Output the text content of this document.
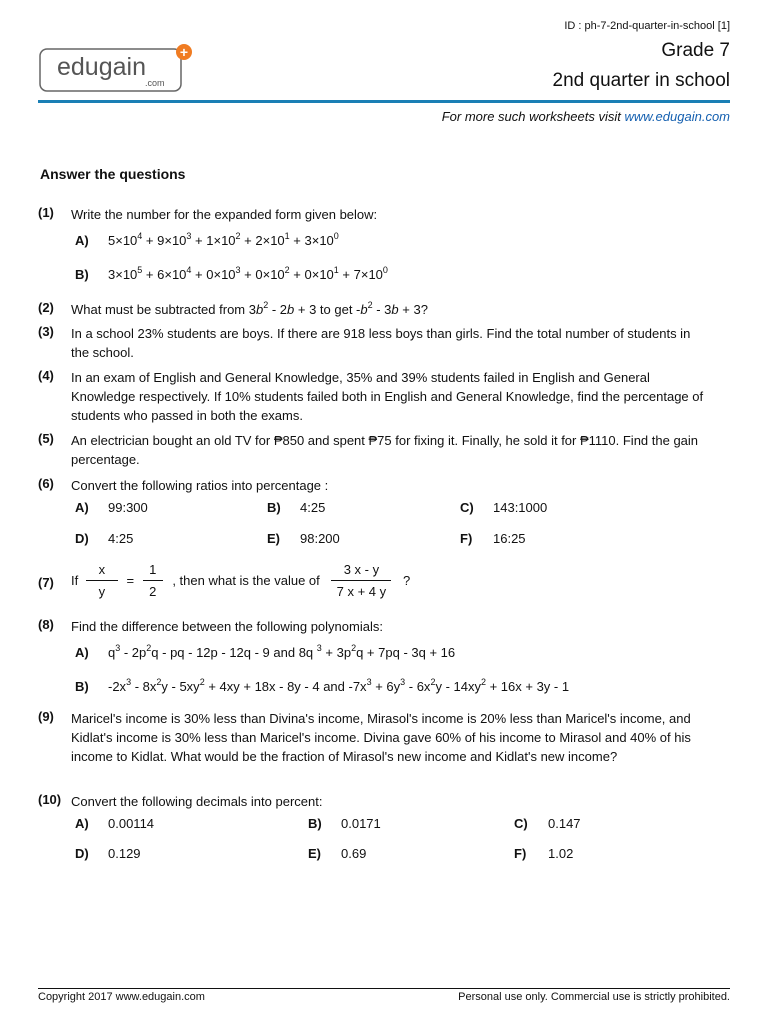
ID : ph-7-2nd-quarter-in-school [1]
edugain
.com
+	Grade 7
2nd quarter in school
For more such worksheets visit www.edugain.com
Answer the questions
(1)	Write the number for the expanded form given below:
A) $5\times 10^4 + 9\times 10^3 + 1\times 10^2 + 2\times 10^1 + 3\times 10^0$
B) $3\times 10^5 + 6\times 10^4 + 0\times 10^3 + 0\times 10^2 + 0\times 10^1 + 7\times 10^0$
(2)	What must be subtracted from $3b^2 - 2b + 3$ to get $-b^2 - 3b + 3$?
(3)	In a school 23% students are boys. If there are 918 less boys than girls. Find the total number of students in the school.
(4)	In an exam of English and General Knowledge, 35% and 39% students failed in English and General Knowledge respectively. If 10% students failed both in English and General Knowledge, find the percentage of students who passed in both the exams.
(5)	An electrician bought an old TV for ₱850 and spent ₱75 for fixing it. Finally, he sold it for ₱1110. Find the gain percentage.
(6)	Convert the following ratios into percentage :
A) 99:300	B) 4:25	C) 143:1000
D) 4:25	E) 98:200	F) 16:25
(7)	If $\frac{x}{y} = \frac{1}{2}$ , then what is the value of $\frac{3 x - y}{7 x + 4 y}$ ?
(8)	Find the difference between the following polynomials:
A) $q^3 - 2p^2q$ - pq - 12p - 12q - 9 and 8q $^3 + 3p^2q + 7pq - 3q + 16$
B) $-2x^3 - 8x^2y - 5xy^2 + 4xy + 18x - 8y - 4$ and $-7x^3 + 6y^3 - 6x^2y - 14xy^2 + 16x + 3y - 1$
(9)	Maricel's income is 30% less than Divina's income, Mirasol's income is 20% less than Maricel's income, and Kidlat's income is 30% less than Maricel's income. Divina gave 60% of his income to Mirasol and 40% of his income to Kidlat. What would be the fraction of Mirasol's new income and Kidlat's new income?
(10) Convert the following decimals into percent:
A) 0.00114	B) 0.0171	C) 0.147
D) 0.129	E) 0.69	F) 1.02
Copyright 2017 www.edugain.com	Personal use only. Commercial use is strictly prohibited.
